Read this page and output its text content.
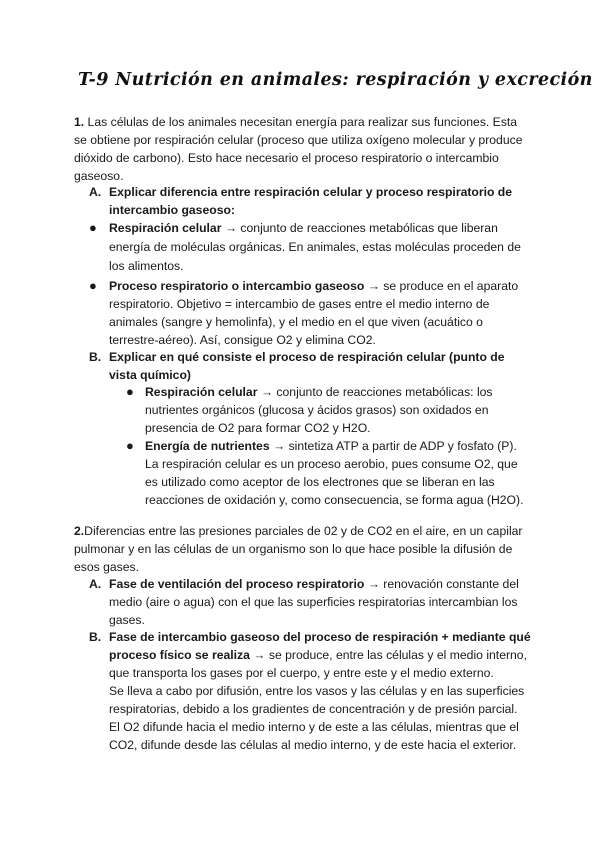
T-9 Nutrición en animales: respiración y excreción
1. Las células de los animales necesitan energía para realizar sus funciones. Esta
se obtiene por respiración celular (proceso que utiliza oxígeno molecular y produce
dióxido de carbono). Esto hace necesario el proceso respiratorio o intercambio
gaseoso.
A. Explicar diferencia entre respiración celular y proceso respiratorio de
intercambio gaseoso:
● Respiración celular → conjunto de reacciones metabólicas que liberan
energía de moléculas orgánicas. En animales, estas moléculas proceden de
los alimentos.
● Proceso respiratorio o intercambio gaseoso → se produce en el aparato
respiratorio. Objetivo = intercambio de gases entre el medio interno de
animales (sangre y hemolinfa), y el medio en el que viven (acuático o
terrestre-aéreo). Así, consigue O2 y elimina CO2.
B. Explicar en qué consiste el proceso de respiración celular (punto de
vista químico)
● Respiración celular → conjunto de reacciones metabólicas: los
nutrientes orgánicos (glucosa y ácidos grasos) son oxidados en
presencia de O2 para formar CO2 y H2O.
● Energía de nutrientes → sintetiza ATP a partir de ADP y fosfato (P).
La respiración celular es un proceso aerobio, pues consume O2, que
es utilizado como aceptor de los electrones que se liberan en las
reacciones de oxidación y, como consecuencia, se forma agua (H2O).
2.Diferencias entre las presiones parciales de 02 y de CO2 en el aire, en un capilar
pulmonar y en las células de un organismo son lo que hace posible la difusión de
esos gases.
A. Fase de ventilación del proceso respiratorio → renovación constante del
medio (aire o agua) con el que las superficies respiratorias intercambian los
gases.
B. Fase de intercambio gaseoso del proceso de respiración + mediante qué
proceso físico se realiza → se produce, entre las células y el medio interno,
que transporta los gases por el cuerpo, y entre este y el medio externo.
Se lleva a cabo por difusión, entre los vasos y las células y en las superficies
respiratorias, debido a los gradientes de concentración y de presión parcial.
El O2 difunde hacia el medio interno y de este a las células, mientras que el
CO2, difunde desde las células al medio interno, y de este hacia el exterior.
